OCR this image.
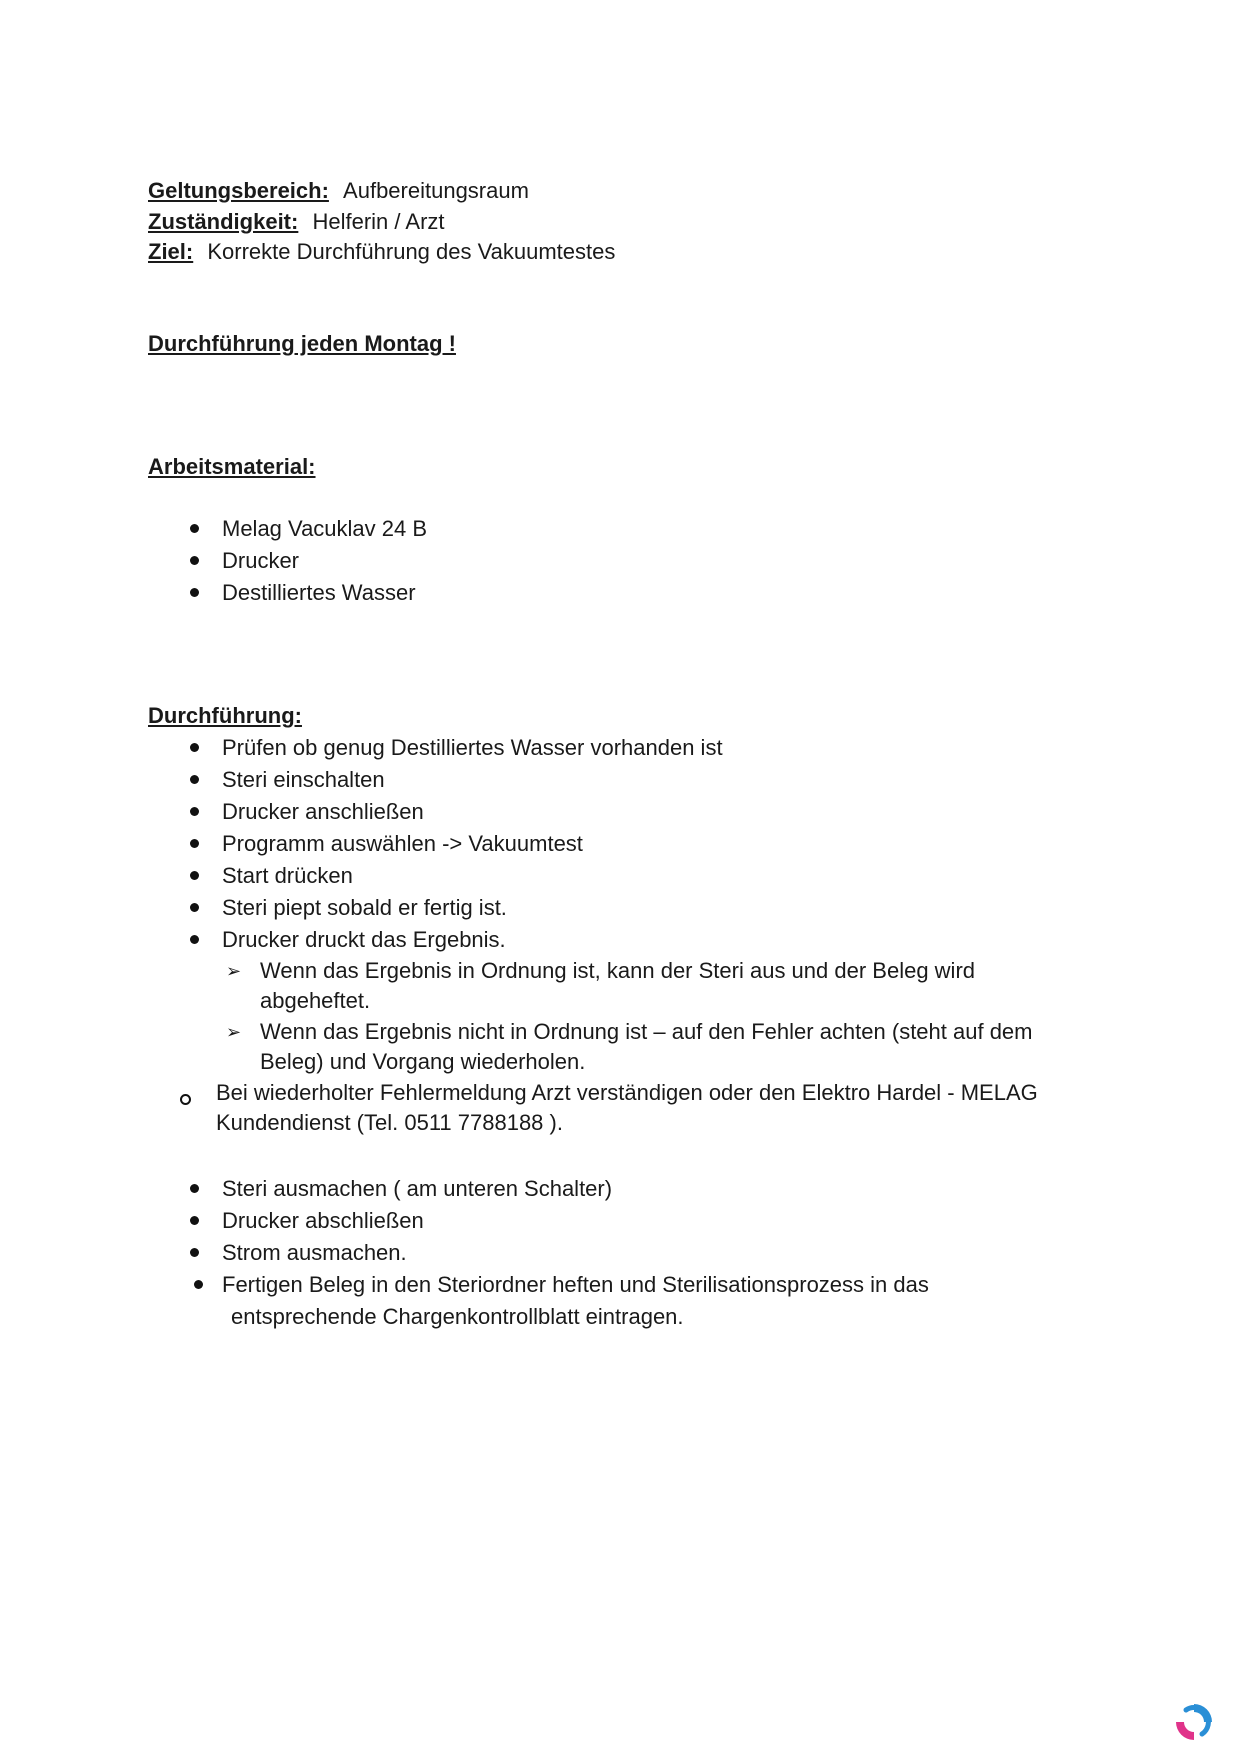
Geltungsbereich: Aufbereitungsraum
Zuständigkeit: Helferin / Arzt
Ziel: Korrekte Durchführung des Vakuumtestes
Durchführung jeden Montag !
Arbeitsmaterial:
Melag Vacuklav 24 B
Drucker
Destilliertes Wasser
Durchführung:
Prüfen ob genug Destilliertes Wasser vorhanden ist
Steri einschalten
Drucker anschließen
Programm auswählen -> Vakuumtest
Start drücken
Steri piept sobald er fertig ist.
Drucker druckt das Ergebnis.
➢ Wenn das Ergebnis in Ordnung ist, kann der Steri aus und der Beleg wird
abgeheftet.
➢ Wenn das Ergebnis nicht in Ordnung ist – auf den Fehler achten (steht auf dem
Beleg) und Vorgang wiederholen.
Bei wiederholter Fehlermeldung Arzt verständigen oder den Elektro Hardel - MELAG
Kundendienst (Tel. 0511 7788188 ).
Steri ausmachen ( am unteren Schalter)
Drucker abschließen
Strom ausmachen.
Fertigen Beleg in den Steriordner heften und Sterilisationsprozess in das
entsprechende Chargenkontrollblatt eintragen.
